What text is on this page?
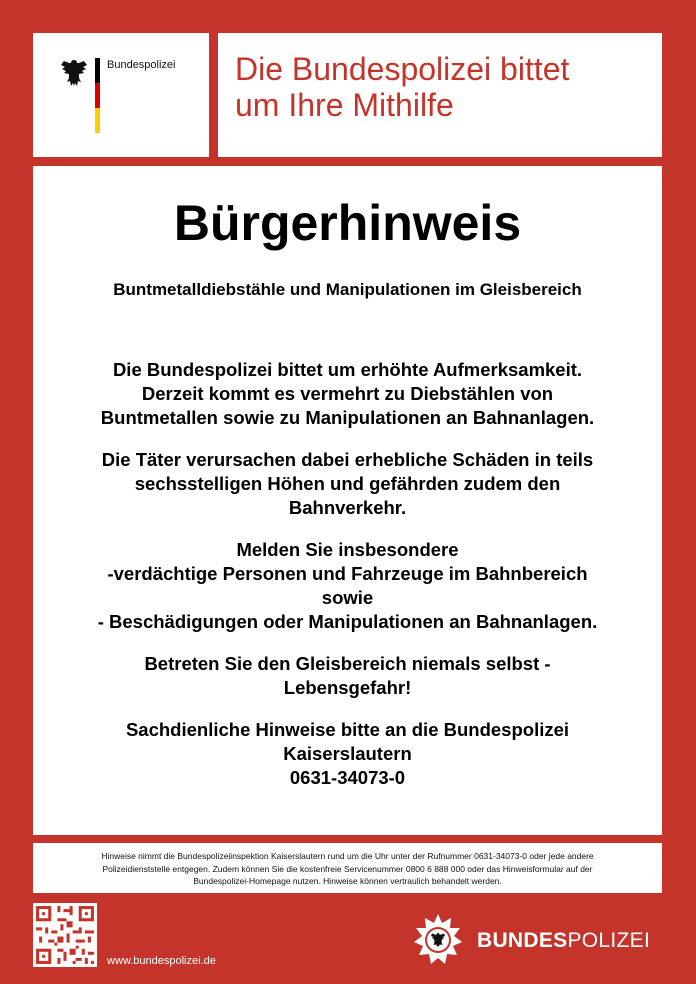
Bundespolizei Die Bundespolizei bittet
um Ihre Mithilfe
Bürgerhinweis
Buntmetalldiebstähle und Manipulationen im Gleisbereich

Die Bundespolizei bittet um erhöhte Aufmerksamkeit.
Derzeit kommt es vermehrt zu Diebstählen von
Buntmetallen sowie zu Manipulationen an Bahnanlagen.

Die Täter verursachen dabei erhebliche Schäden in teils
sechsstelligen Höhen und gefährden zudem den
Bahnverkehr.

Melden Sie insbesondere
-verdächtige Personen und Fahrzeuge im Bahnbereich
sowie
- Beschädigungen oder Manipulationen an Bahnanlagen.

Betreten Sie den Gleisbereich niemals selbst -
Lebensgefahr!

Sachdienliche Hinweise bitte an die Bundespolizei
Kaiserslautern
0631-34073-0

Hinweise nimmt die Bundespolizeiinspektion Kaiserslautern rund um die Uhr unter der Rufnummer 0631-34073-0 oder jede andere
Polizeidienststelle entgegen. Zudem können Sie die kostenfreie Servicenummer 0800 6 888 000 oder das Hinweisformular auf der
Bundespolizei-Homepage nutzen. Hinweise können vertraulich behandelt werden.
www.bundespolizei.de
BUNDESPOLIZEI
